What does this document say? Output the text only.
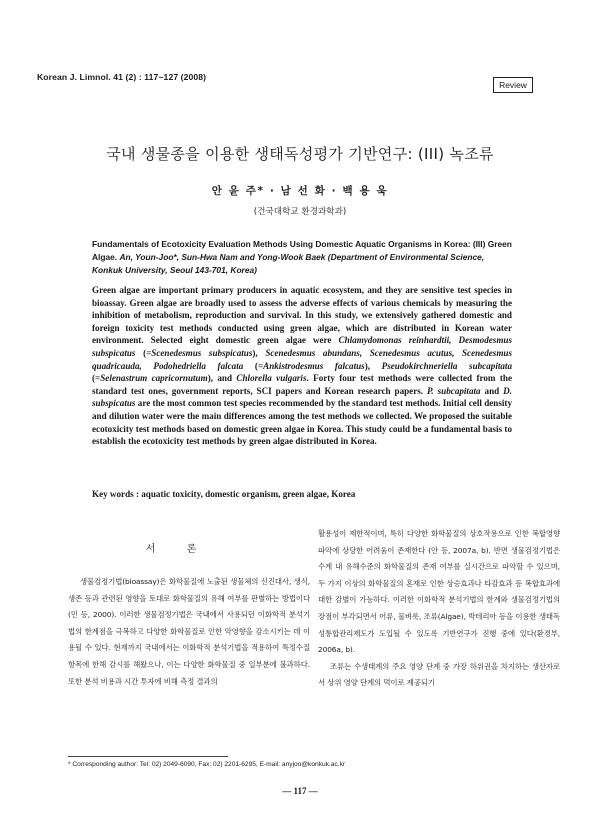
Korean J. Limnol. 41 (2) : 117~127 (2008)
Review
국내 생물종을 이용한 생태독성평가 기반연구: (III) 녹조류
안 윤 주* · 남 선 화 · 백 용 욱
(건국대학교 환경과학과)
Fundamentals of Ecotoxicity Evaluation Methods Using Domestic Aquatic Organisms in Korea: (III) Green Algae. An, Youn-Joo*, Sun-Hwa Nam and Yong-Wook Baek (Department of Environmental Science, Konkuk University, Seoul 143-701, Korea)
Green algae are important primary producers in aquatic ecosystem, and they are sensitive test species in bioassay. Green algae are broadly used to assess the adverse effects of various chemicals by measuring the inhibition of metabolism, reproduction and survival. In this study, we extensively gathered domestic and foreign toxicity test methods conducted using green algae, which are distributed in Korean water environment. Selected eight domestic green algae were Chlamydomonas reinhardtii, Desmodesmus subspicatus (=Scenedesmus subspicatus), Scenedesmus abundans, Scenedesmus acutus, Scenedesmus quadricauda, Podohedriella falcata (=Ankistrodesmus falcatus), Pseudokirchneriella subcapitata (=Selenastrum capricornutum), and Chlorella vulgaris. Forty four test methods were collected from the standard test ones, government reports, SCI papers and Korean research papers. P. subcapitata and D. subspicatus are the most common test species recommended by the standard test methods. Initial cell density and dilution water were the main differences among the test methods we collected. We proposed the suitable ecotoxicity test methods based on domestic green algae in Korea. This study could be a fundamental basis to establish the ecotoxicity test methods by green algae distributed in Korea.
Key words : aquatic toxicity, domestic organism, green algae, Korea
서 론

생물검정기법(bioassay)은 화학물질에 노출된 생물체의 신진대사, 생식, 생존 등과 관련된 영향을 토대로 화학물질의 유해 여부를 판별하는 방법이다(민 등, 2000). 이러한 생물검정기법은 국내에서 사용되던 이화학적 분석기법의 한계점을 극복하고 다양한 화학물질로 인한 악영향을 감소시키는 데 이용될 수 있다. 현재까지 국내에서는 이화학적 분석기법을 적용하여 특정수질항목에 한해 감시를 해왔으나, 이는 다양한 화학물질 중 일부분에 불과하다. 또한 분석 비용과 시간 투자에 비해 측정 결과의

활용성이 제한적이며, 특히 다양한 화학물질의 상호작용으로 인한 복합영향 파악에 상당한 어려움이 존재한다 (안 등, 2007a, b). 반면 생물검정기법은 수계 내 유해수준의 화학물질의 존재 여부를 실시간으로 파악할 수 있으며, 두 가지 이상의 화학물질의 혼재로 인한 상승효과나 타감효과 등 복합효과에 대한 감별이 가능하다. 이러한 이화학적 분석기법의 한계와 생물검정기법의 장점이 부각되면서 어류, 물벼룩, 조류(Algae), 박테리아 등을 이용한 생태독성통합관리제도가 도입될 수 있도록 기반연구가 진행 중에 있다(환경부, 2006a, b).

조류는 수생태계의 주요 영양 단계 중 가장 하위권을 차지하는 생산자로서 상위 영양 단계의 먹이로 제공되기

* Corresponding author: Tel: 02) 2049-6090, Fax: 02) 2201-6295, E-mail: anyjoo@konkuk.ac.kr
— 117 —
